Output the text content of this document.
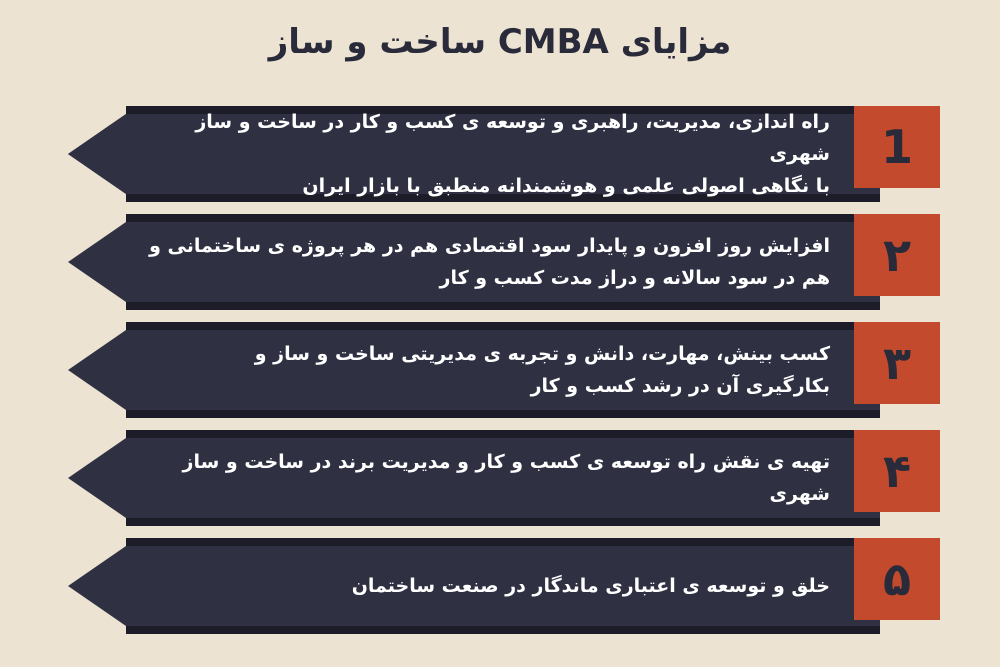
مزایای CMBA ساخت و ساز
1
راه اندازی، مدیریت، راهبری و توسعه ی کسب و کار در ساخت و ساز شهری
با نگاهی اصولی علمی و هوشمندانه منطبق با بازار ایران
۲
افزایش روز افزون و پایدار سود اقتصادی هم در هر پروژه ی ساختمانی و
هم در سود سالانه و دراز مدت کسب و کار
۳
کسب بینش، مهارت، دانش و تجربه ی مدیریتی ساخت و ساز و
بکارگیری آن در رشد کسب و کار
۴
تهیه ی نقش راه توسعه ی کسب و کار و مدیریت برند در ساخت و ساز شهری
۵
خلق و توسعه ی اعتباری ماندگار در صنعت ساختمان
